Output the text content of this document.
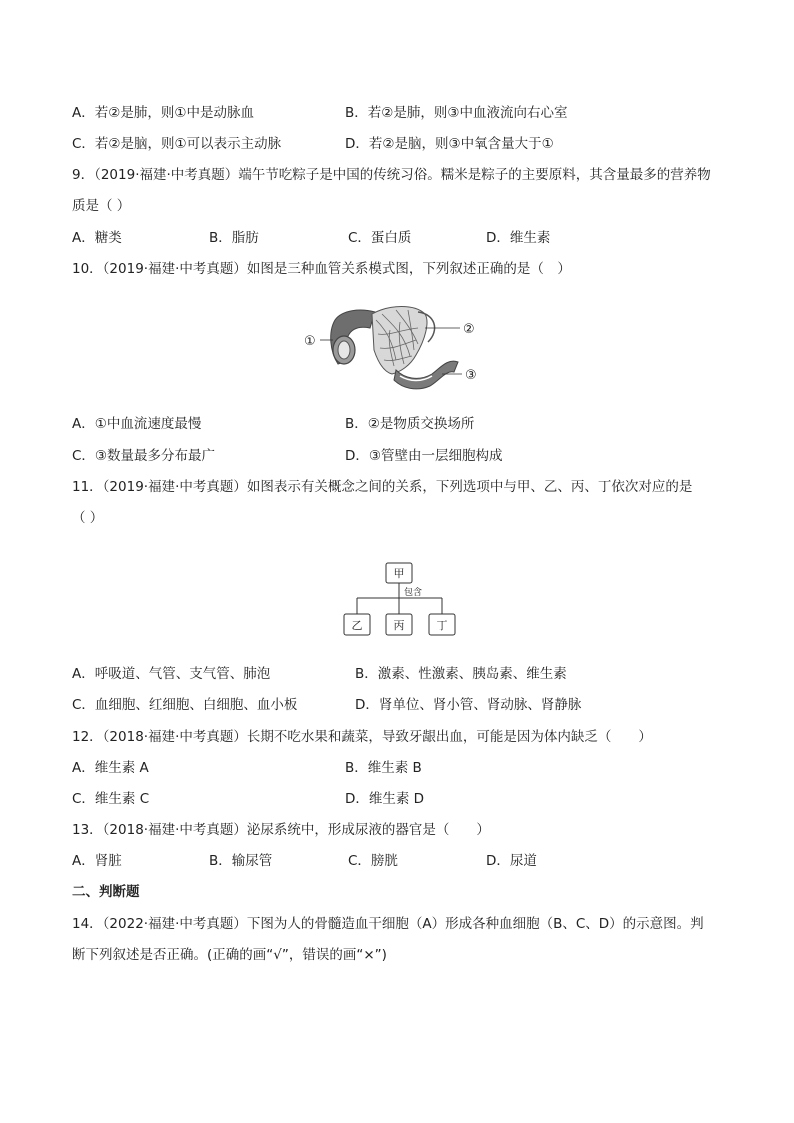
A．若②是肺，则①中是动脉血	B．若②是肺，则③中血液流向右心室
C．若②是脑，则①可以表示主动脉	D．若②是脑，则③中氧含量大于①
9．（2019·福建·中考真题）端午节吃粽子是中国的传统习俗。糯米是粽子的主要原料，其含量最多的营养物
质是（ ）
A．糖类	B．脂肪	C．蛋白质	D．维生素
10．（2019·福建·中考真题）如图是三种血管关系模式图，下列叙述正确的是（　）
①
②
③
A．①中血流速度最慢	B．②是物质交换场所
C．③数量最多分布最广	D．③管壁由一层细胞构成
11．（2019·福建·中考真题）如图表示有关概念之间的关系，下列选项中与甲、乙、丙、丁依次对应的是
（ ）
甲
包含
乙	丙	丁
A．呼吸道、气管、支气管、肺泡	B．激素、性激素、胰岛素、维生素
C．血细胞、红细胞、白细胞、血小板	D．肾单位、肾小管、肾动脉、肾静脉
12．（2018·福建·中考真题）长期不吃水果和蔬菜，导致牙龈出血，可能是因为体内缺乏（　　）
A．维生素 A	B．维生素 B
C．维生素 C	D．维生素 D
13．（2018·福建·中考真题）泌尿系统中，形成尿液的器官是（　　）
A．肾脏	B．输尿管	C．膀胱	D．尿道
二、判断题
14．（2022·福建·中考真题）下图为人的骨髓造血干细胞（A）形成各种血细胞（B、C、D）的示意图。判
断下列叙述是否正确。(正确的画“√”，错误的画“×”)
